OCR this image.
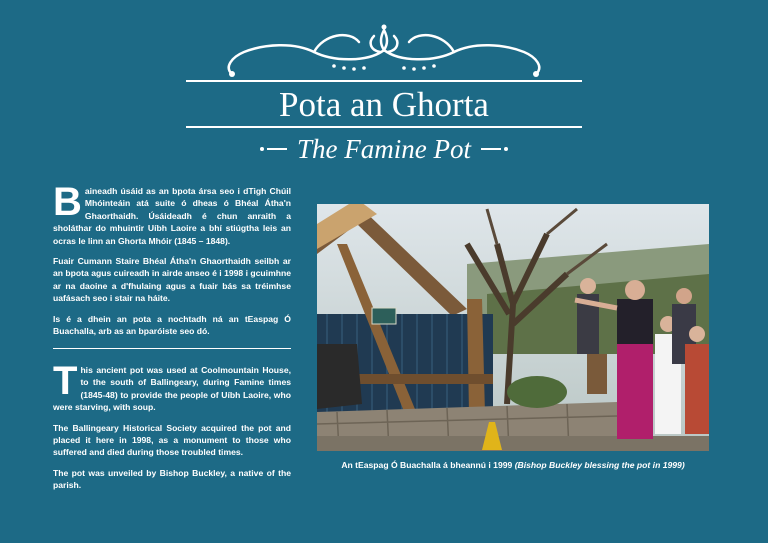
Pota an Ghorta
The Famine Pot

Baineadh úsáid as an bpota ársa seo i dTigh Chúil Mhóinteáin atá suite ó dheas ó Bhéal Átha'n Ghaorthaidh. Úsáideadh é chun anraith a sholáthar do mhuintir Uíbh Laoire a bhí stiúgtha leis an ocras le linn an Ghorta Mhóir (1845 – 1848).

Fuair Cumann Staire Bhéal Átha'n Ghaorthaidh seilbh ar an bpota agus cuireadh in airde anseo é i 1998 i gcuimhne ar na daoine a d'fhulaing agus a fuair bás sa tréimhse uafásach seo i stair na háite.

Is é a dhein an pota a nochtadh ná an tEaspag Ó Buachalla, arb as an bparóiste seo dó.

This ancient pot was used at Coolmountain House, to the south of Ballingeary, during Famine times (1845-48) to provide the people of Uíbh Laoire, who were starving, with soup.

The Ballingeary Historical Society acquired the pot and placed it here in 1998, as a monument to those who suffered and died during those troubled times.

The pot was unveiled by Bishop Buckley, a native of the parish.

An tEaspag Ó Buachalla á bheannú i 1999 (Bishop Buckley blessing the pot in 1999)
